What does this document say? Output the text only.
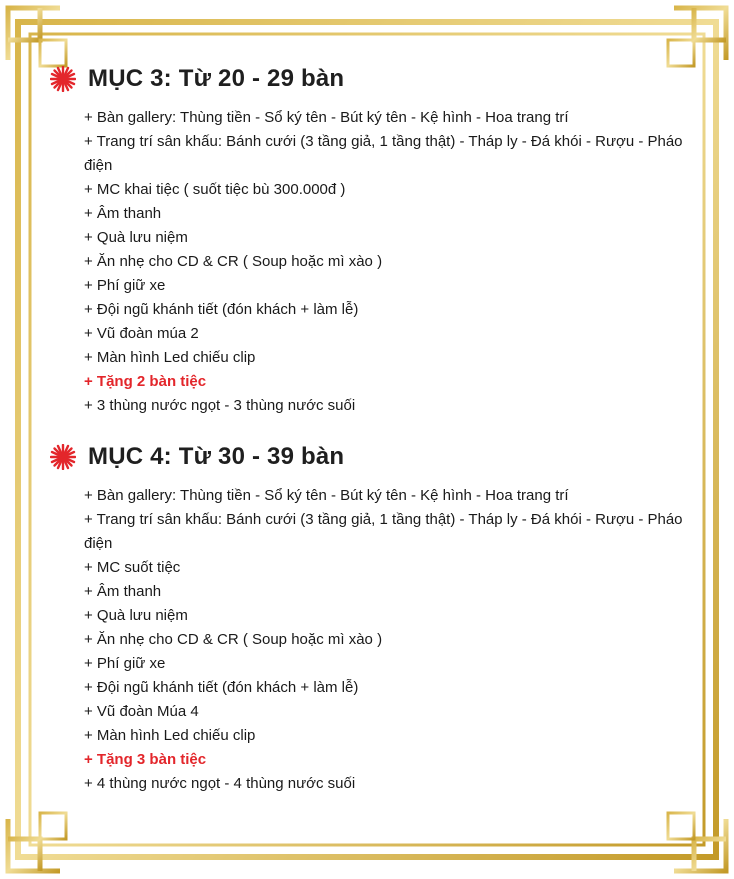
MỤC 3: Từ 20 - 29 bàn
+ Bàn gallery: Thùng tiền - Sổ ký tên - Bút ký tên - Kệ hình - Hoa trang trí
+ Trang trí sân khấu: Bánh cưới (3 tầng giả, 1 tầng thật) - Tháp ly - Đá khói - Rượu - Pháo điện
+ MC khai tiệc ( suốt tiệc bù 300.000đ )
+ Âm thanh
+ Quà lưu niệm
+ Ăn nhẹ cho CD & CR ( Soup hoặc mì xào )
+ Phí giữ xe
+ Đội ngũ khánh tiết (đón khách + làm lễ)
+ Vũ đoàn múa 2
+ Màn hình Led chiếu clip
+ Tặng 2 bàn tiệc
+ 3 thùng nước ngọt - 3 thùng nước suối
MỤC 4: Từ 30 - 39 bàn
+ Bàn gallery: Thùng tiền - Sổ ký tên - Bút ký tên - Kệ hình - Hoa trang trí
+ Trang trí sân khấu: Bánh cưới (3 tầng giả, 1 tầng thật) - Tháp ly - Đá khói - Rượu - Pháo điện
+ MC suốt tiệc
+ Âm thanh
+ Quà lưu niệm
+ Ăn nhẹ cho CD & CR ( Soup hoặc mì xào )
+ Phí giữ xe
+ Đội ngũ khánh tiết (đón khách + làm lễ)
+ Vũ đoàn Múa 4
+ Màn hình Led chiếu clip
+ Tặng 3 bàn tiệc
+ 4 thùng nước ngọt - 4 thùng nước suối
